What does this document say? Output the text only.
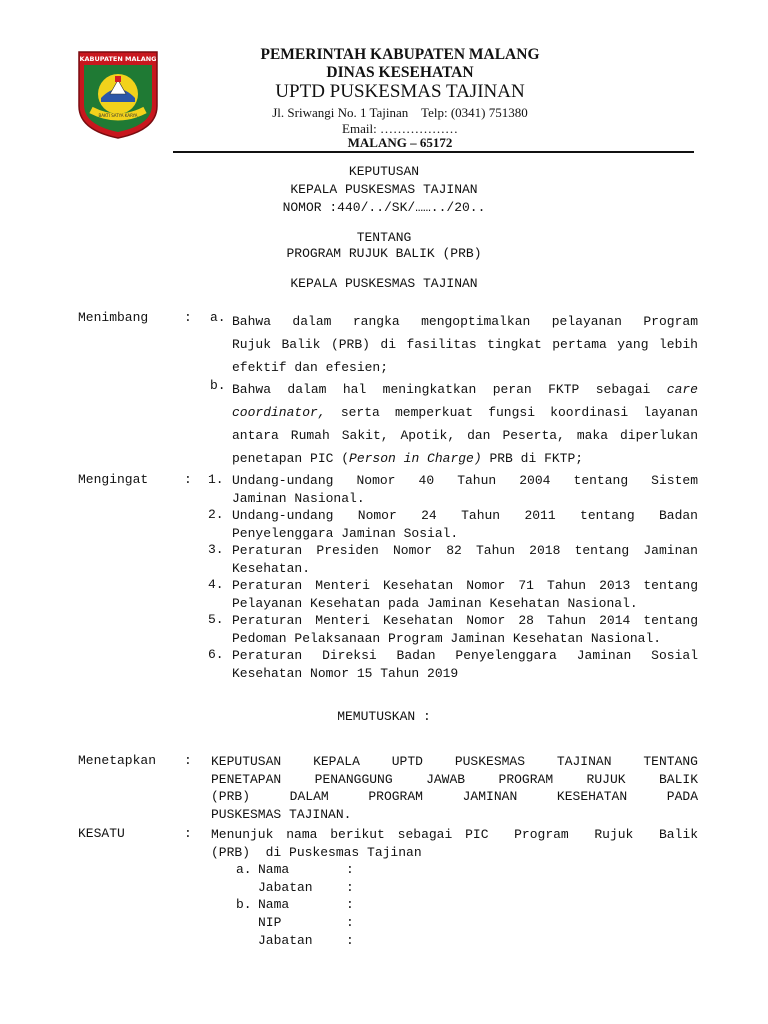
BAKTI SATYA KARYA
KABUPATEN MALANG	PEMERINTAH KABUPATEN MALANG
DINAS KESEHATAN
UPTD PUSKESMAS TAJINAN
Jl. Sriwangi No. 1 Tajinan    Telp: (0341) 751380
Email: ………………
MALANG – 65172
KEPUTUSAN
KEPALA PUSKESMAS TAJINAN
NOMOR :440/../SK/……../20..
TENTANG
PROGRAM RUJUK BALIK (PRB)
KEPALA PUSKESMAS TAJINAN
Menimbang	: a. Bahwa dalam rangka mengoptimalkan pelayanan Program
Rujuk Balik (PRB) di fasilitas tingkat pertama yang lebih
efektif dan efesien;
b. Bahwa dalam hal meningkatkan peran FKTP sebagai care
coordinator, serta memperkuat fungsi koordinasi layanan
antara Rumah Sakit, Apotik, dan Peserta, maka diperlukan
penetapan PIC (Person in Charge) PRB di FKTP;
Mengingat	: 1. Undang-undang Nomor 40 Tahun 2004 tentang Sistem
Jaminan Nasional.
2. Undang-undang Nomor 24 Tahun 2011 tentang Badan
Penyelenggara Jaminan Sosial.
3. Peraturan Presiden Nomor 82 Tahun 2018 tentang Jaminan
Kesehatan.
4. Peraturan Menteri Kesehatan Nomor 71 Tahun 2013 tentang
Pelayanan Kesehatan pada Jaminan Kesehatan Nasional.
5. Peraturan Menteri Kesehatan Nomor 28 Tahun 2014 tentang
Pedoman Pelaksanaan Program Jaminan Kesehatan Nasional.
6. Peraturan Direksi Badan Penyelenggara Jaminan Sosial
Kesehatan Nomor 15 Tahun 2019
MEMUTUSKAN :
Menetapkan : KEPUTUSAN KEPALA UPTD PUSKESMAS TAJINAN TENTANG
PENETAPAN PENANGGUNG JAWAB PROGRAM RUJUK BALIK
(PRB) DALAM PROGRAM JAMINAN KESEHATAN PADA
PUSKESMAS TAJINAN.
KESATU	: Menunjuk nama berikut sebagai PIC  Program  Rujuk  Balik
(PRB)  di Puskesmas Tajinan
a. Nama	:
Jabatan	:
b. Nama	:
NIP	:
Jabatan	:
